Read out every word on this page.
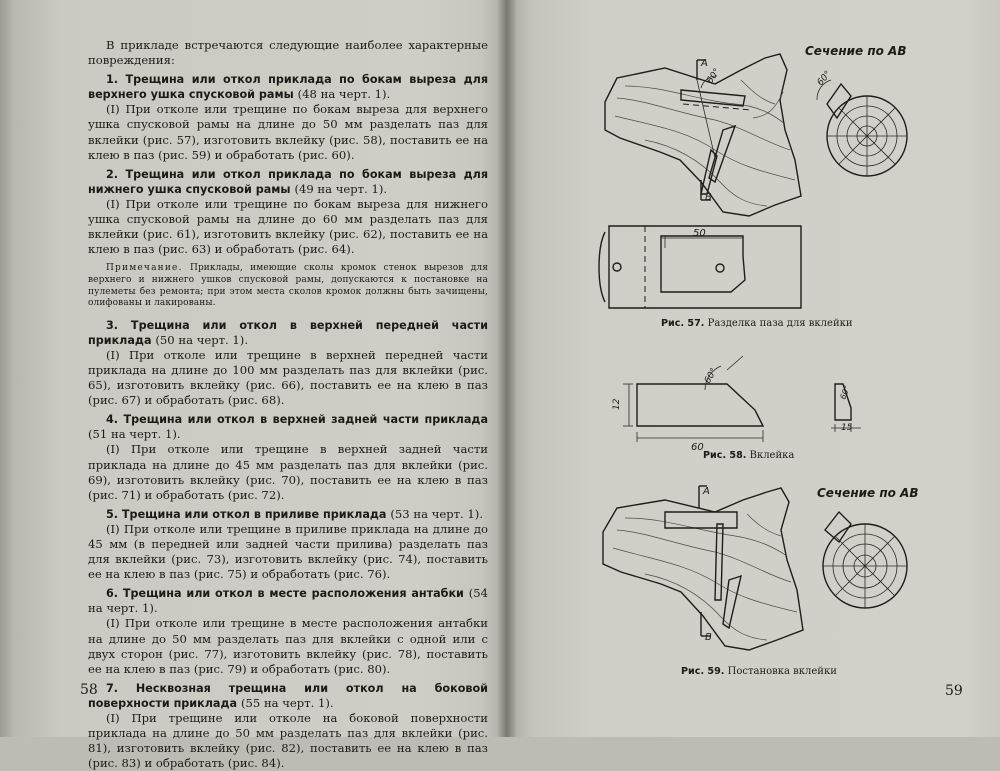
В прикладе встречаются следующие наиболее характерные повреждения:

1. Трещина или откол приклада по бокам выреза для верхнего ушка спусковой рамы (48 на черт. 1).

(I) При отколе или трещине по бокам выреза для верхнего ушка спусковой рамы на длине до 50 мм разделать паз для вклейки (рис. 57), изготовить вклейку (рис. 58), поставить ее на клею в паз (рис. 59) и обработать (рис. 60).

2. Трещина или откол приклада по бокам выреза для нижнего ушка спусковой рамы (49 на черт. 1).

(I) При отколе или трещине по бокам выреза для нижнего ушка спусковой рамы на длине до 60 мм разделать паз для вклейки (рис. 61), изготовить вклейку (рис. 62), поставить ее на клею в паз (рис. 63) и обработать (рис. 64).

Примечание. Приклады, имеющие сколы кромок стенок вырезов для верхнего и нижнего ушков спусковой рамы, допускаются к постановке на пулеметы без ремонта; при этом места сколов кромок должны быть зачищены, олифованы и лакированы.

3. Трещина или откол в верхней передней части приклада (50 на черт. 1).

(I) При отколе или трещине в верхней передней части приклада на длине до 100 мм разделать паз для вклейки (рис. 65), изготовить вклейку (рис. 66), поставить ее на клею в паз (рис. 67) и обработать (рис. 68).

4. Трещина или откол в верхней задней части приклада (51 на черт. 1).

(I) При отколе или трещине в верхней задней части приклада на длине до 45 мм разделать паз для вклейки (рис. 69), изготовить вклейку (рис. 70), поставить ее на клею в паз (рис. 71) и обработать (рис. 72).

5. Трещина или откол в приливе приклада (53 на черт. 1).

(I) При отколе или трещине в приливе приклада на длине до 45 мм (в передней или задней части прилива) разделать паз для вклейки (рис. 73), изготовить вклейку (рис. 74), поставить ее на клею в паз (рис. 75) и обработать (рис. 76).

6. Трещина или откол в месте расположения антабки (54 на черт. 1).

(I) При отколе или трещине в месте расположения антабки на длине до 50 мм разделать паз для вклейки с одной или с двух сторон (рис. 77), изготовить вклейку (рис. 78), поставить ее на клею в паз (рис. 79) и обработать (рис. 80).

7. Несквозная трещина или откол на боковой поверхности приклада (55 на черт. 1).

(I) При трещине или отколе на боковой поверхности приклада на длине до 50 мм разделать паз для вклейки (рис. 81), изготовить вклейку (рис. 82), поставить ее на клею в паз (рис. 83) и обработать (рис. 84).

58
А
В
60°	60°
50
Сечение по АВ
Рис. 57. Разделка паза для вклейки
12
60
60°
15
60°
Рис. 58. Вклейка
А
В
Сечение по АВ
Рис. 59. Постановка вклейки
59
